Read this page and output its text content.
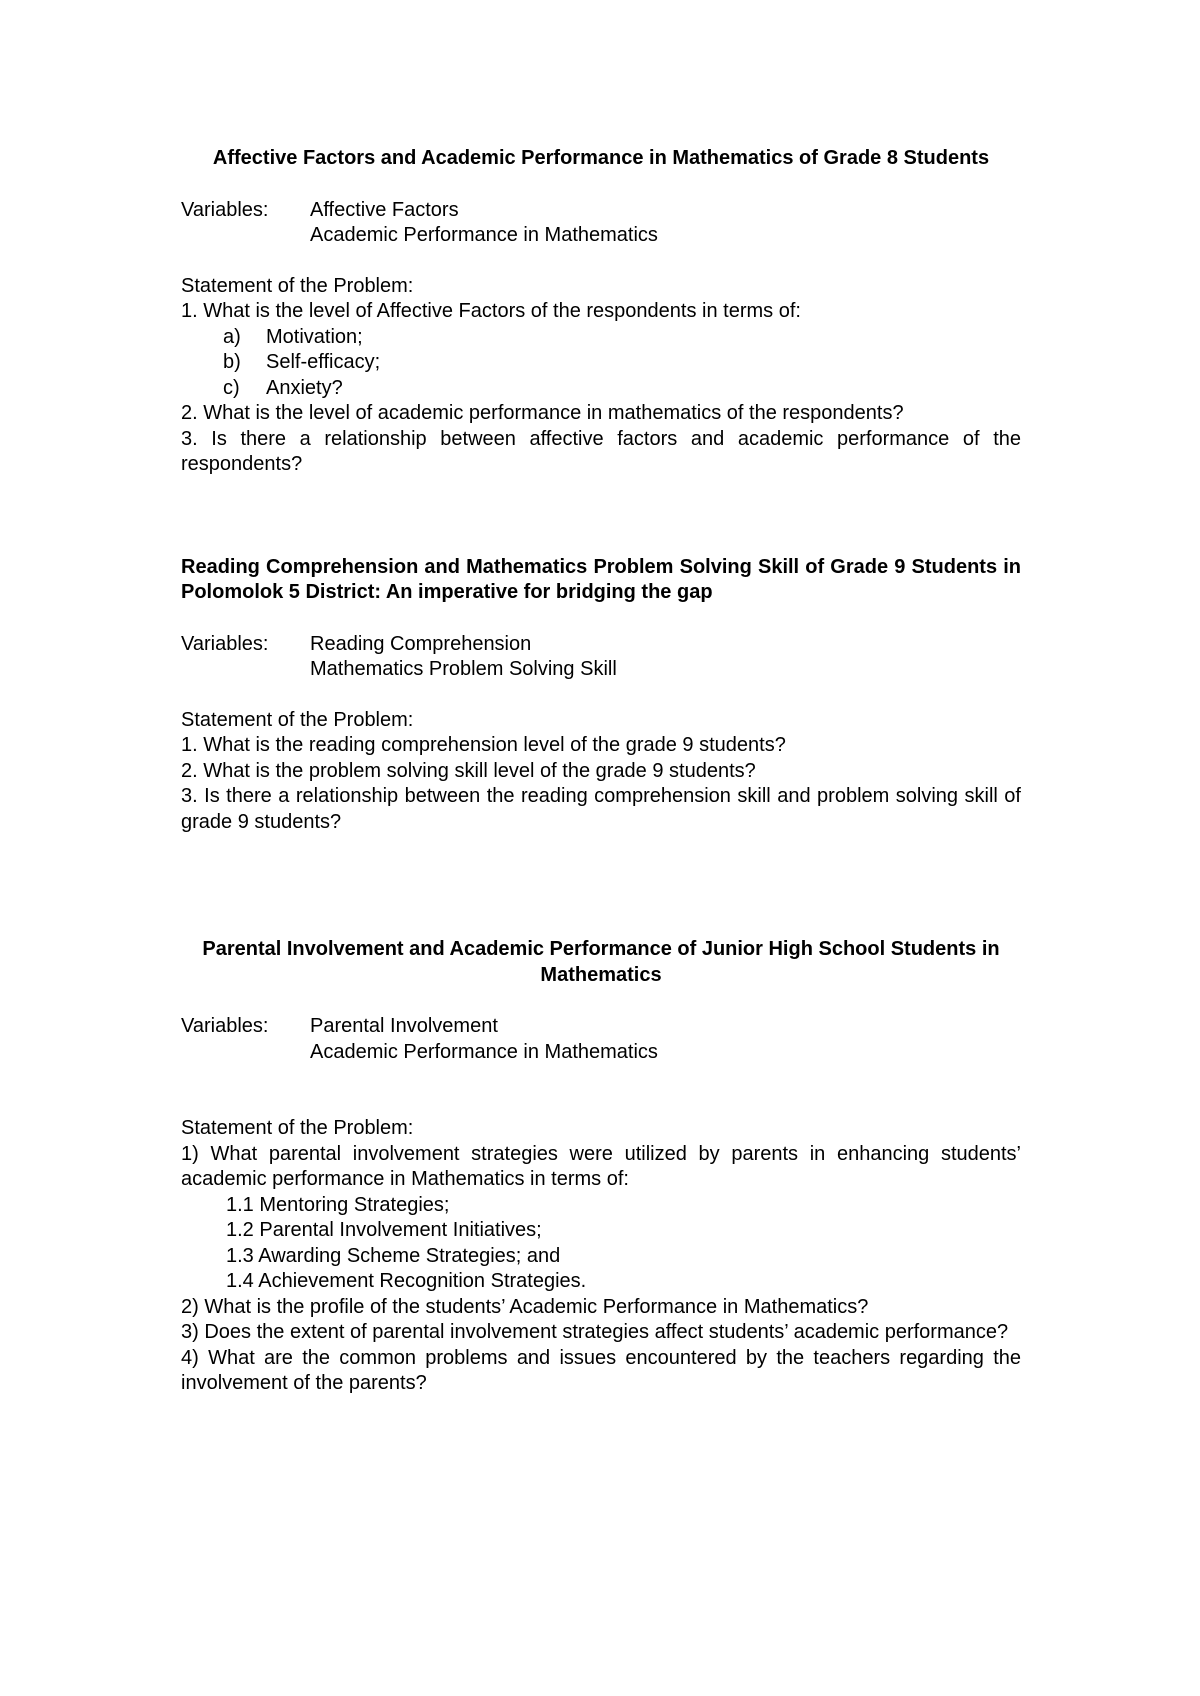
Affective Factors and Academic Performance in Mathematics of Grade 8 Students

Variables:	Affective Factors
Academic Performance in Mathematics
Statement of the Problem:
1. What is the level of Affective Factors of the respondents in terms of:
a)	Motivation;
b)	Self-efficacy;
c)	Anxiety?
2. What is the level of academic performance in mathematics of the respondents?
3. Is there a relationship between affective factors and academic performance of the respondents?

Reading Comprehension and Mathematics Problem Solving Skill of Grade 9 Students in Polomolok 5 District: An imperative for bridging the gap

Variables:	Reading Comprehension
Mathematics Problem Solving Skill
Statement of the Problem:
1. What is the reading comprehension level of the grade 9 students?
2. What is the problem solving skill level of the grade 9 students?
3. Is there a relationship between the reading comprehension skill and problem solving skill of grade 9 students?

Parental Involvement and Academic Performance of Junior High School Students in Mathematics

Variables:	Parental Involvement
Academic Performance in Mathematics
Statement of the Problem:
1) What parental involvement strategies were utilized by parents in enhancing students’ academic performance in Mathematics in terms of:
1.1 Mentoring Strategies;
1.2 Parental Involvement Initiatives;
1.3 Awarding Scheme Strategies; and
1.4 Achievement Recognition Strategies.
2) What is the profile of the students’ Academic Performance in Mathematics?
3) Does the extent of parental involvement strategies affect students’ academic performance?
4) What are the common problems and issues encountered by the teachers regarding the involvement of the parents?
